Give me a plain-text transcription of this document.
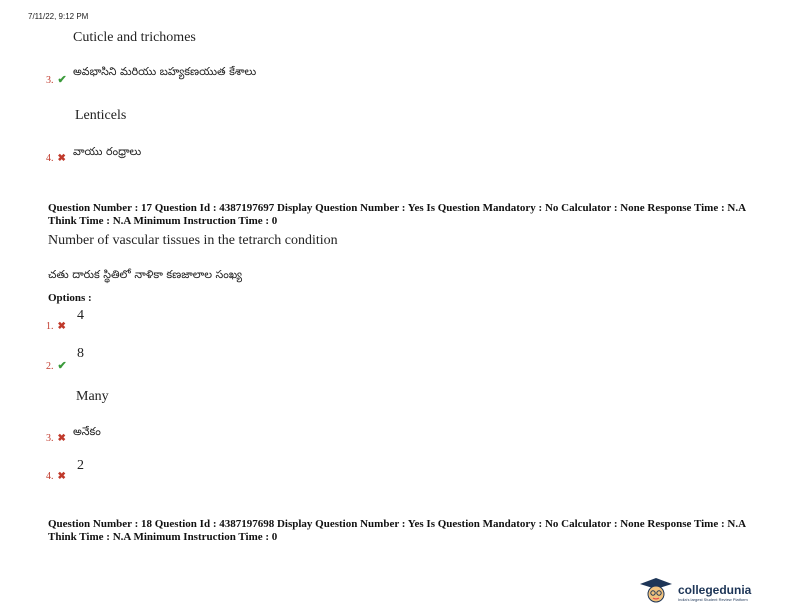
7/11/22, 9:12 PM
Cuticle and trichomes
3. ✔
అవభాసిని మరియు బహ్యకణయుత కేశాలు
Lenticels
4. ✖
వాయు రంధ్రాలు
Question Number : 17 Question Id : 4387197697 Display Question Number : Yes Is Question Mandatory : No Calculator : None Response Time : N.A Think Time : N.A Minimum Instruction Time : 0
Number of vascular tissues in the tetrarch condition
చతు దారుక స్థితిలో నాళికా కణజాలాల సంఖ్య
Options :
1. ✖
4
2. ✔
8
Many
3. ✖
అనేకం
4. ✖
2
Question Number : 18 Question Id : 4387197698 Display Question Number : Yes Is Question Mandatory : No Calculator : None Response Time : N.A Think Time : N.A Minimum Instruction Time : 0
collegedunia
India's largest Student Review Platform
